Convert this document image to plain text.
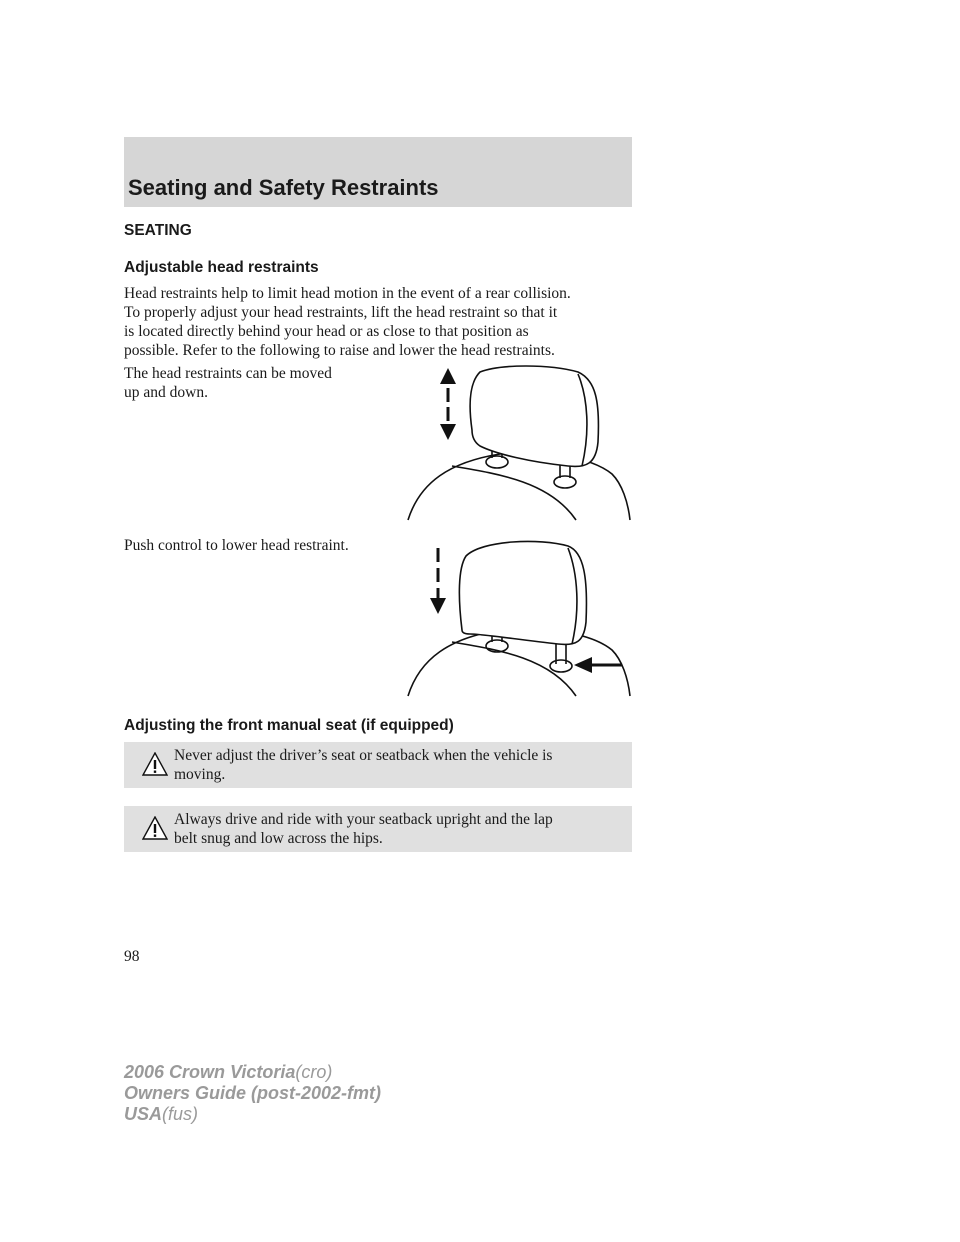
Seating and Safety Restraints
SEATING
Adjustable head restraints
Head restraints help to limit head motion in the event of a rear collision.
To properly adjust your head restraints, lift the head restraint so that it
is located directly behind your head or as close to that position as
possible. Refer to the following to raise and lower the head restraints.
The head restraints can be moved
up and down.
Push control to lower head restraint.
Adjusting the front manual seat (if equipped)
Never adjust the driver’s seat or seatback when the vehicle is
moving.
Always drive and ride with your seatback upright and the lap
belt snug and low across the hips.

98

2006 Crown Victoria(cro)
Owners Guide (post-2002-fmt)
USA(fus)
